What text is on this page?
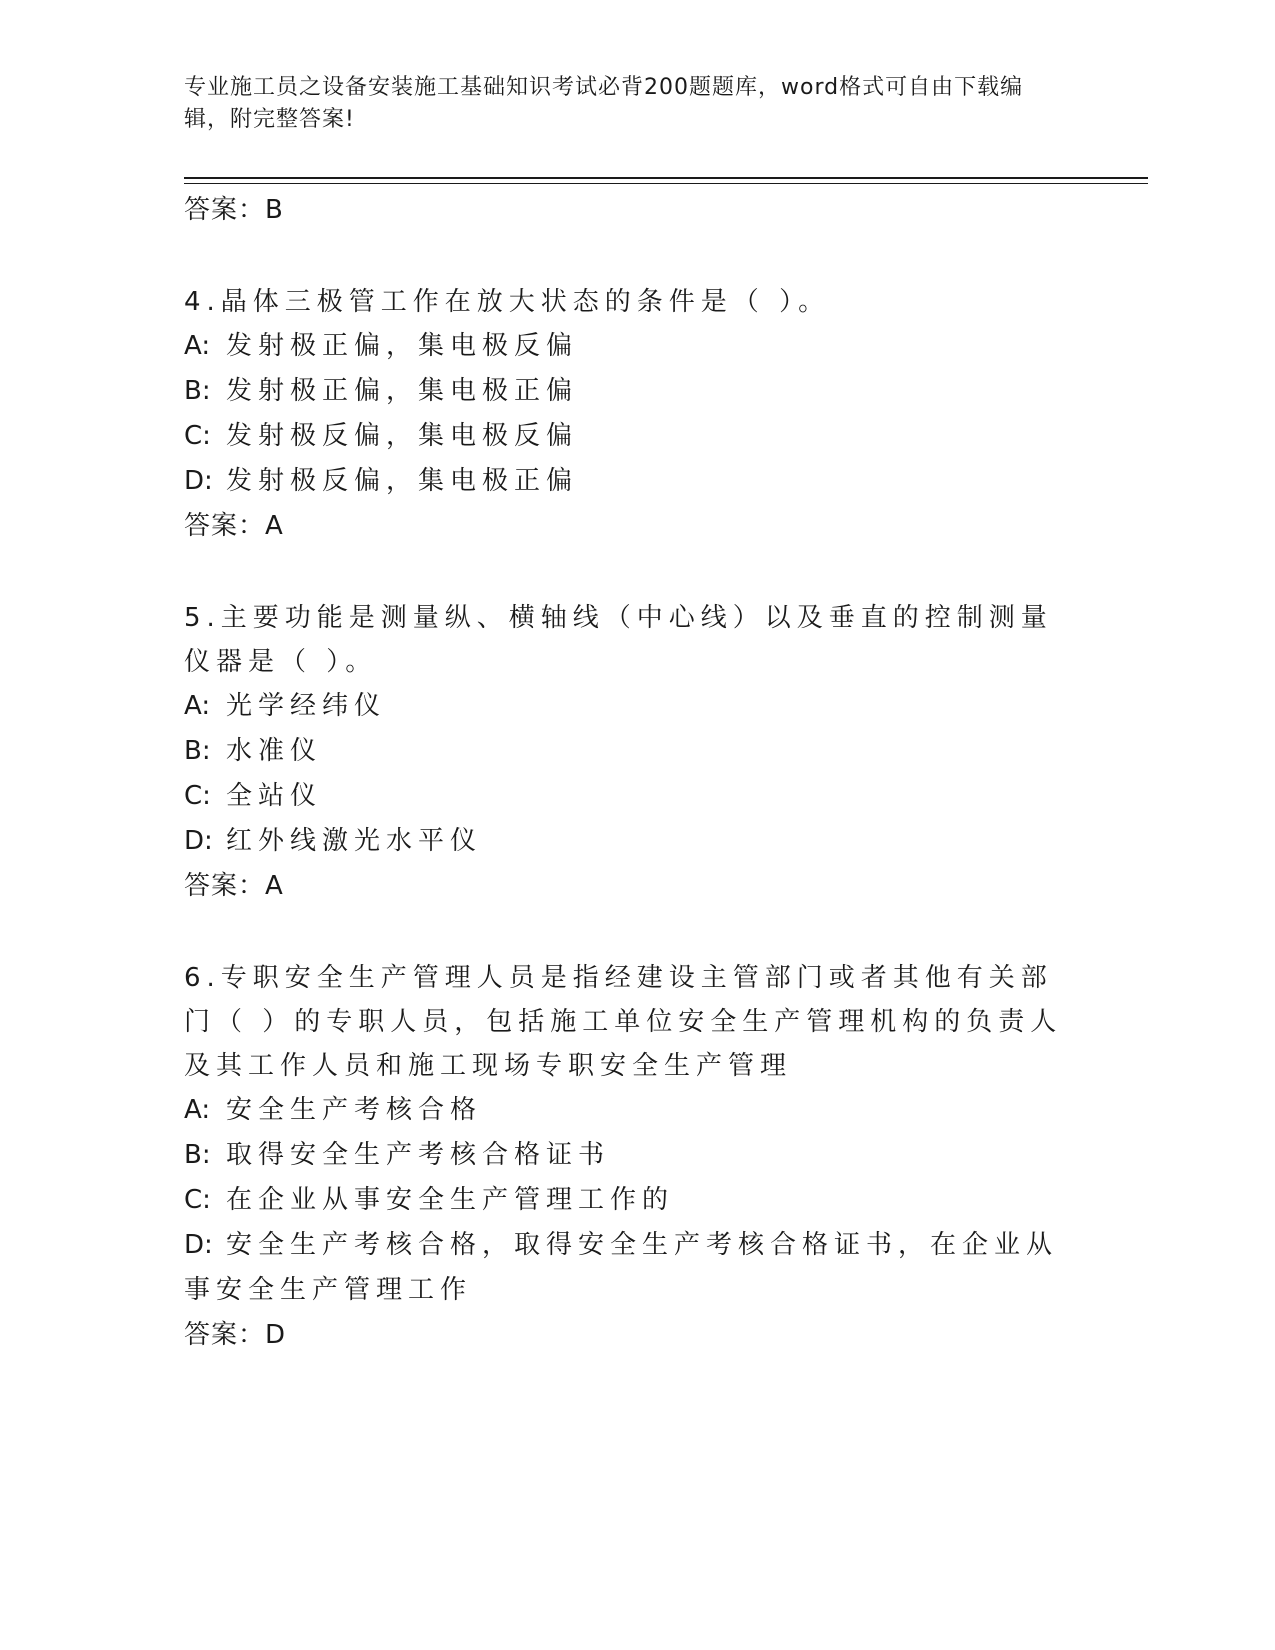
专业施工员之设备安装施工基础知识考试必背200题题库，word格式可自由下载编辑，附完整答案!
答案：B

4.晶体三极管工作在放大状态的条件是（ ）。

A: 发射极正偏，集电极反偏

B: 发射极正偏，集电极正偏

C: 发射极反偏，集电极反偏

D: 发射极反偏，集电极正偏

答案：A

5.主要功能是测量纵、横轴线（中心线）以及垂直的控制测量仪器是（ ）。

A: 光学经纬仪

B: 水准仪

C: 全站仪

D: 红外线激光水平仪

答案：A

6.专职安全生产管理人员是指经建设主管部门或者其他有关部门（ ）的专职人员，包括施工单位安全生产管理机构的负责人及其工作人员和施工现场专职安全生产管理

A: 安全生产考核合格

B: 取得安全生产考核合格证书

C: 在企业从事安全生产管理工作的

D: 安全生产考核合格，取得安全生产考核合格证书，在企业从事安全生产管理工作

答案：D
